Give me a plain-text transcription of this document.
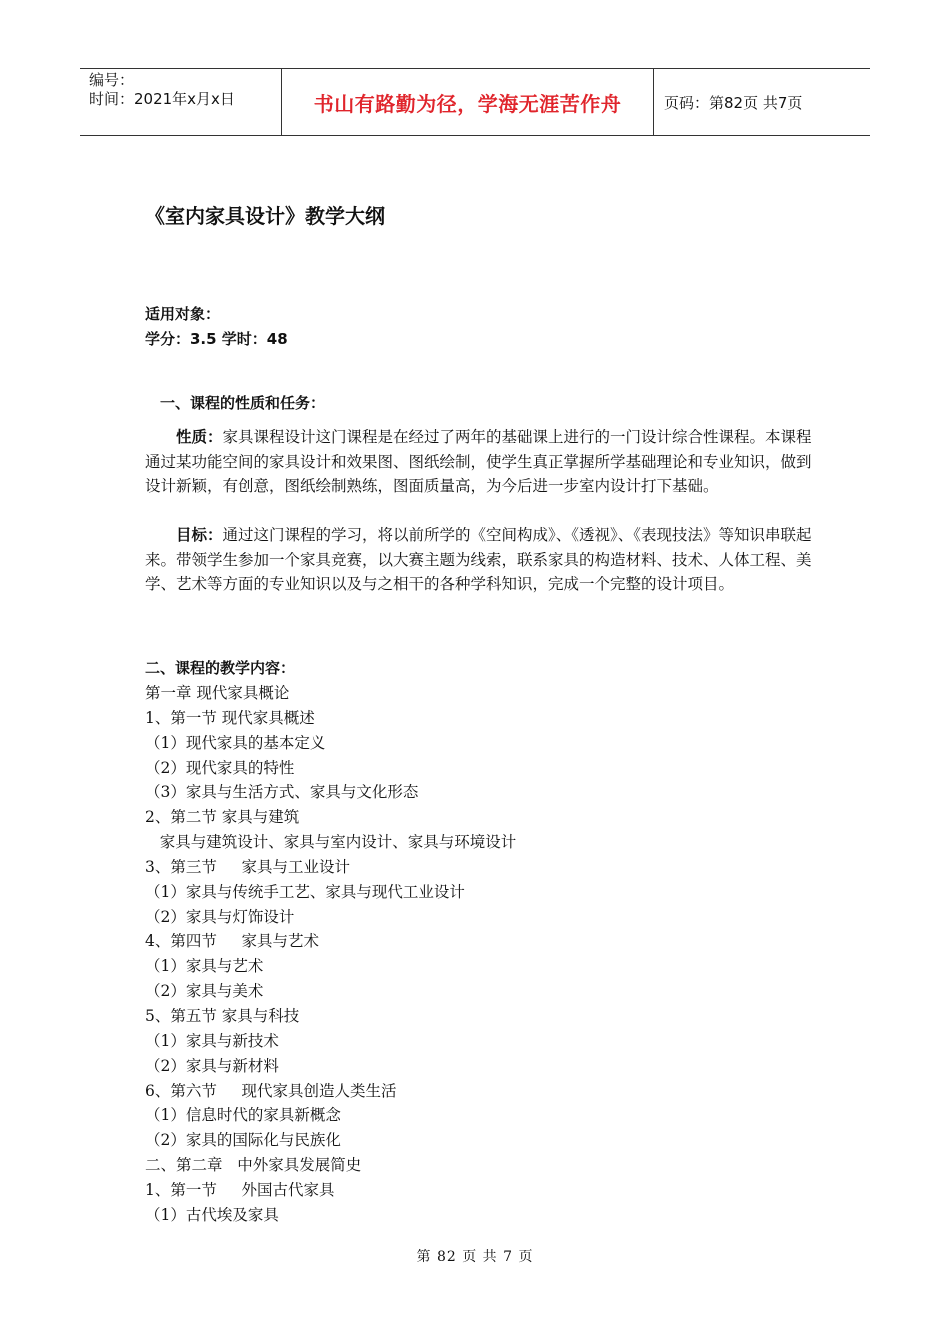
编号：
时间：2021年x月x日	书山有路勤为径，学海无涯苦作舟	页码：第82页 共7页
《室内家具设计》教学大纲
适用对象：
学分：3.5 学时：48
一、课程的性质和任务：
性质：家具课程设计这门课程是在经过了两年的基础课上进行的一门设计综合性课程。本课程通过某功能空间的家具设计和效果图、图纸绘制，使学生真正掌握所学基础理论和专业知识，做到设计新颖，有创意，图纸绘制熟练，图面质量高，为今后进一步室内设计打下基础。
目标：通过这门课程的学习，将以前所学的《空间构成》、《透视》、《表现技法》等知识串联起来。带领学生参加一个家具竞赛，以大赛主题为线索，联系家具的构造材料、技术、人体工程、美学、艺术等方面的专业知识以及与之相干的各种学科知识，完成一个完整的设计项目。
二、课程的教学内容：
第一章 现代家具概论
1、第一节 现代家具概述
（1）现代家具的基本定义
（2）现代家具的特性
（3）家具与生活方式、家具与文化形态
2、第二节 家具与建筑
家具与建筑设计、家具与室内设计、家具与环境设计
3、第三节     家具与工业设计
（1）家具与传统手工艺、家具与现代工业设计
（2）家具与灯饰设计
4、第四节     家具与艺术
（1）家具与艺术
（2）家具与美术
5、第五节 家具与科技
（1）家具与新技术
（2）家具与新材料
6、第六节     现代家具创造人类生活
（1）信息时代的家具新概念
（2）家具的国际化与民族化
二、第二章   中外家具发展简史
1、第一节     外国古代家具
（1）古代埃及家具
第 82 页 共 7 页
